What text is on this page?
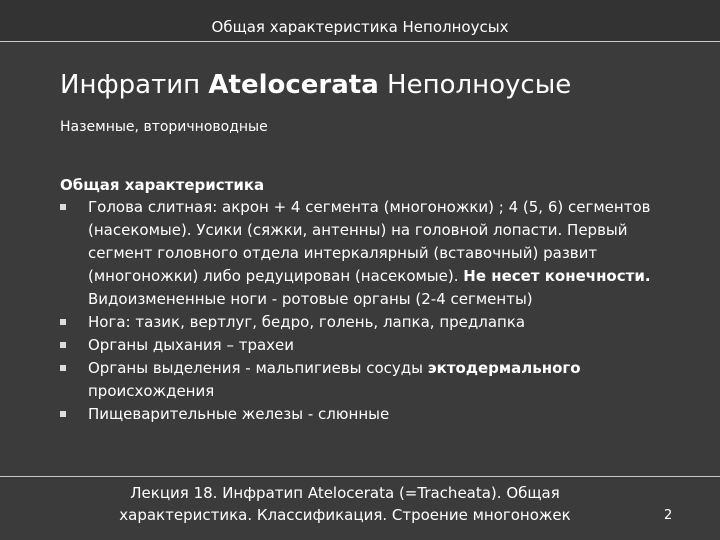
Общая характеристика Неполноусых
Инфратип Atelocerata Неполноусые
Наземные, вторичноводные
Общая характеристика
Голова слитная: акрон + 4 сегмента (многоножки) ; 4 (5, 6) сегментов (насекомые). Усики (сяжки, антенны) на головной лопасти. Первый сегмент головного отдела интеркалярный (вставочный) развит (многоножки) либо редуцирован (насекомые). Не несет конечности. Видоизмененные ноги - ротовые органы (2-4 сегменты)
Нога: тазик, вертлуг, бедро, голень, лапка, предлапка
Органы дыхания – трахеи
Органы выделения - мальпигиевы сосуды эктодермального происхождения
Пищеварительные железы - слюнные
Лекция 18. Инфратип Atelocerata (=Tracheata). Общая характеристика. Классификация. Строение многоножек	2
